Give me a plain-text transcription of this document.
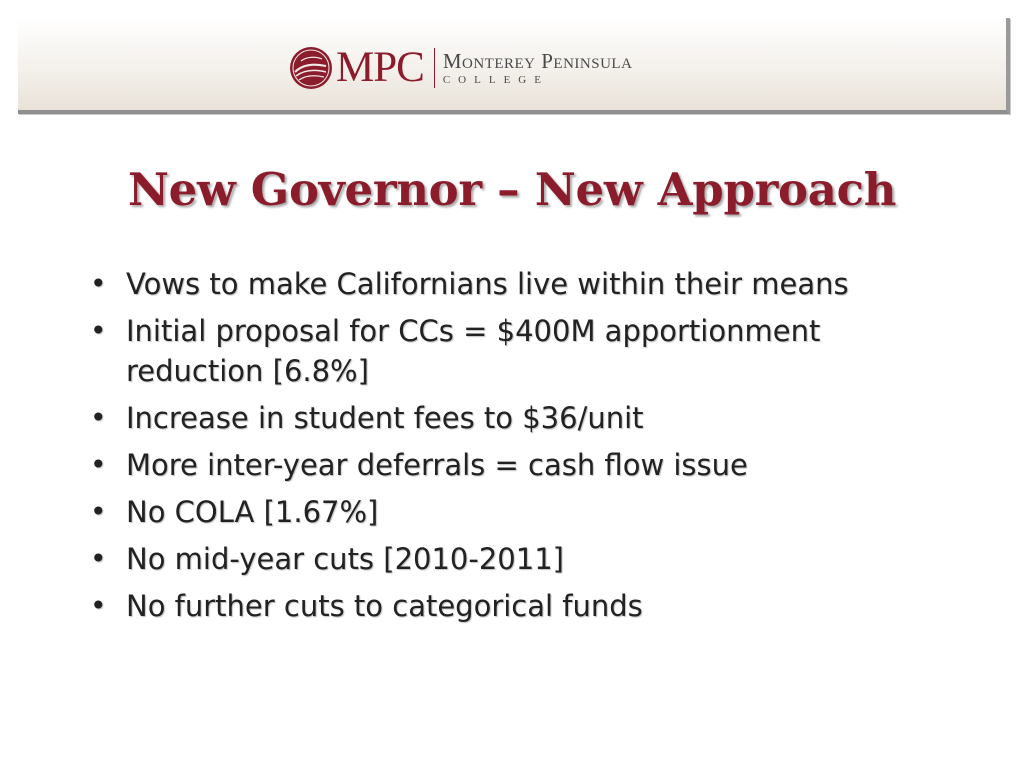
MPC Monterey Peninsula
COLLEGE
New Governor – New Approach
• Vows to make Californians live within their means
• Initial proposal for CCs = $400M apportionment reduction [6.8%]
• Increase in student fees to $36/unit
• More inter-year deferrals = cash flow issue
• No COLA [1.67%]
• No mid-year cuts [2010-2011]
• No further cuts to categorical funds
